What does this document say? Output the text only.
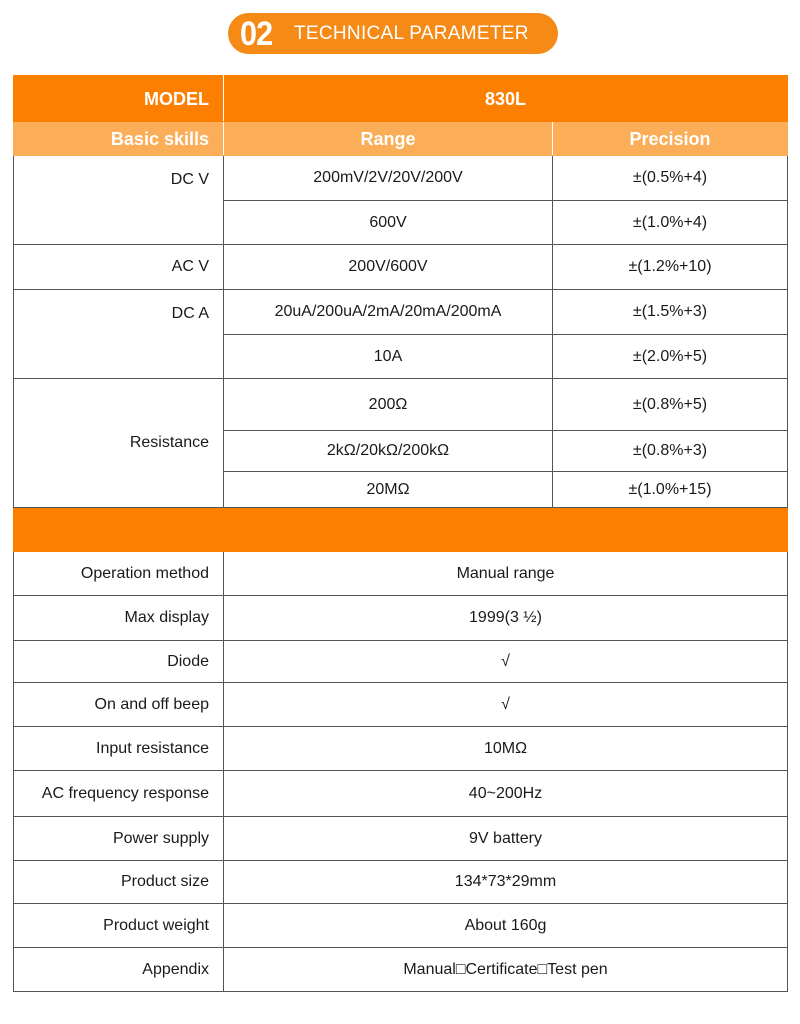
02 TECHNICAL PARAMETER
MODEL	830L	
Basic skills	Range	Precision
DC V	200mV/2V/20V/200V	±(0.5%+4)
	600V	±(1.0%+4)
AC V	200V/600V	±(1.2%+10)
DC A	20uA/200uA/2mA/20mA/200mA	±(1.5%+3)
	10A	±(2.0%+5)
Resistance	200Ω	±(0.8%+5)
	2kΩ/20kΩ/200kΩ	±(0.8%+3)
	20MΩ	±(1.0%+15)

Operation method	Manual range	
Max display	1999(3 ½)	
Diode	√	
On and off beep	√	
Input resistance	10MΩ	
AC frequency response	40~200Hz	
Power supply	9V battery	
Product size	134*73*29mm	
Product weight	About 160g	
Appendix	Manual□Certificate□Test pen	
